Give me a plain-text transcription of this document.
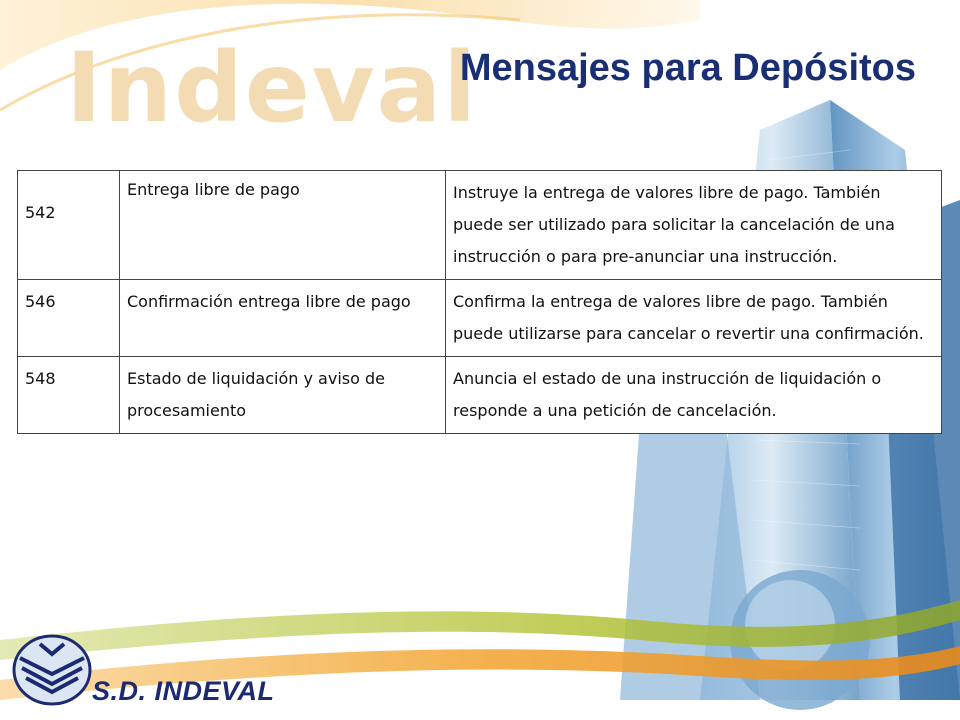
Indeval
Mensajes para Depósitos
542	Entrega libre de pago	Instruye la entrega de valores libre de pago. También puede ser utilizado para solicitar la cancelación de una instrucción o para pre-anunciar una instrucción.
546	Confirmación entrega libre de pago	Confirma la entrega de valores libre de pago. También puede utilizarse para cancelar o revertir una confirmación.
548	Estado de liquidación y aviso de procesamiento	Anuncia el estado de una instrucción de liquidación o responde a una petición de cancelación.
S.D. INDEVAL
